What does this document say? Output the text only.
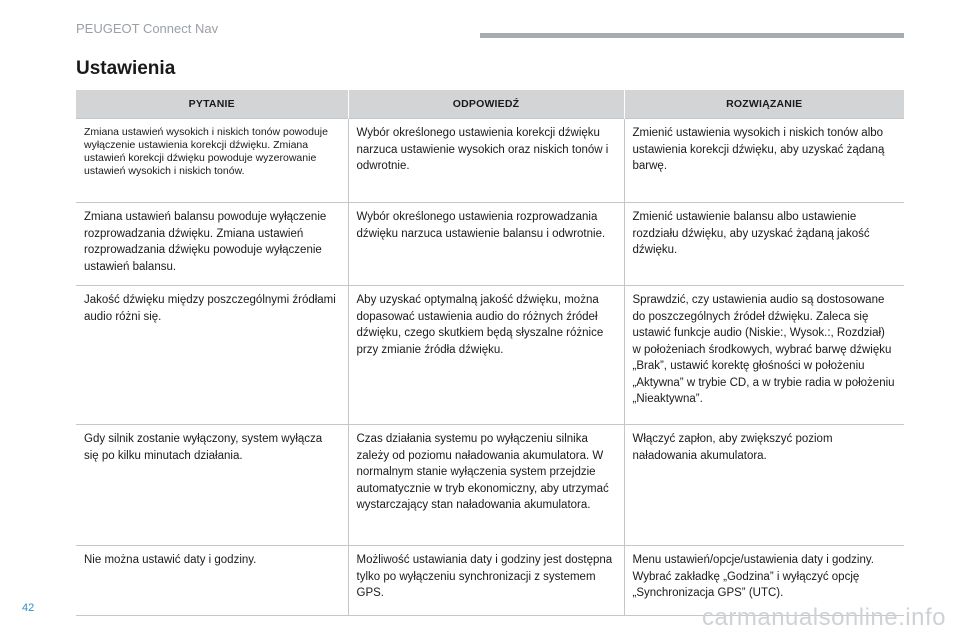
PEUGEOT Connect Nav
Ustawienia
PYTANIE	ODPOWIEDŹ	ROZWIĄZANIE
Zmiana ustawień wysokich i niskich tonów powoduje wyłączenie ustawienia korekcji dźwięku. Zmiana ustawień korekcji dźwięku powoduje wyzerowanie ustawień wysokich i niskich tonów.	Wybór określonego ustawienia korekcji dźwięku narzuca ustawienie wysokich oraz niskich tonów i odwrotnie.	Zmienić ustawienia wysokich i niskich tonów albo ustawienia korekcji dźwięku, aby uzyskać żądaną barwę.
Zmiana ustawień balansu powoduje wyłączenie rozprowadzania dźwięku. Zmiana ustawień rozprowadzania dźwięku powoduje wyłączenie ustawień balansu.	Wybór określonego ustawienia rozprowadzania dźwięku narzuca ustawienie balansu i odwrotnie.	Zmienić ustawienie balansu albo ustawienie rozdziału dźwięku, aby uzyskać żądaną jakość dźwięku.
Jakość dźwięku między poszczególnymi źródłami audio różni się.	Aby uzyskać optymalną jakość dźwięku, można dopasować ustawienia audio do różnych źródeł dźwięku, czego skutkiem będą słyszalne różnice przy zmianie źródła dźwięku.	Sprawdzić, czy ustawienia audio są dostosowane do poszczególnych źródeł dźwięku. Zaleca się ustawić funkcje audio (Niskie:, Wysok.:, Rozdział) w położeniach środkowych, wybrać barwę dźwięku „Brak”, ustawić korektę głośności w położeniu „Aktywna” w trybie CD, a w trybie radia w położeniu „Nieaktywna”.
Gdy silnik zostanie wyłączony, system wyłącza się po kilku minutach działania.	Czas działania systemu po wyłączeniu silnika zależy od poziomu naładowania akumulatora. W normalnym stanie wyłączenia system przejdzie automatycznie w tryb ekonomiczny, aby utrzymać wystarczający stan naładowania akumulatora.	Włączyć zapłon, aby zwiększyć poziom naładowania akumulatora.
Nie można ustawić daty i godziny.	Możliwość ustawiania daty i godziny jest dostępna tylko po wyłączeniu synchronizacji z systemem GPS.	Menu ustawień/opcje/ustawienia daty i godziny. Wybrać zakładkę „Godzina” i wyłączyć opcję „Synchronizacja GPS” (UTC).
42	carmanualsonline.info
